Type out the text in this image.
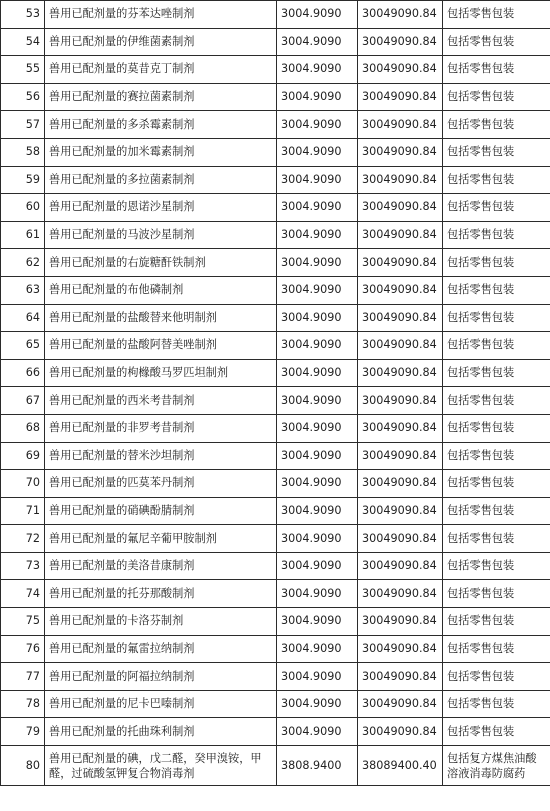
53	兽用已配剂量的芬苯达唑制剂	3004.9090	30049090.84	包括零售包装
54	兽用已配剂量的伊维菌素制剂	3004.9090	30049090.84	包括零售包装
55	兽用已配剂量的莫昔克丁制剂	3004.9090	30049090.84	包括零售包装
56	兽用已配剂量的赛拉菌素制剂	3004.9090	30049090.84	包括零售包装
57	兽用已配剂量的多杀霉素制剂	3004.9090	30049090.84	包括零售包装
58	兽用已配剂量的加米霉素制剂	3004.9090	30049090.84	包括零售包装
59	兽用已配剂量的多拉菌素制剂	3004.9090	30049090.84	包括零售包装
60	兽用已配剂量的恩诺沙星制剂	3004.9090	30049090.84	包括零售包装
61	兽用已配剂量的马波沙星制剂	3004.9090	30049090.84	包括零售包装
62	兽用已配剂量的右旋糖酐铁制剂	3004.9090	30049090.84	包括零售包装
63	兽用已配剂量的布他磷制剂	3004.9090	30049090.84	包括零售包装
64	兽用已配剂量的盐酸替来他明制剂	3004.9090	30049090.84	包括零售包装
65	兽用已配剂量的盐酸阿替美唑制剂	3004.9090	30049090.84	包括零售包装
66	兽用已配剂量的枸橼酸马罗匹坦制剂	3004.9090	30049090.84	包括零售包装
67	兽用已配剂量的西米考昔制剂	3004.9090	30049090.84	包括零售包装
68	兽用已配剂量的非罗考昔制剂	3004.9090	30049090.84	包括零售包装
69	兽用已配剂量的替米沙坦制剂	3004.9090	30049090.84	包括零售包装
70	兽用已配剂量的匹莫苯丹制剂	3004.9090	30049090.84	包括零售包装
71	兽用已配剂量的硝碘酚腈制剂	3004.9090	30049090.84	包括零售包装
72	兽用已配剂量的氟尼辛葡甲胺制剂	3004.9090	30049090.84	包括零售包装
73	兽用已配剂量的美洛昔康制剂	3004.9090	30049090.84	包括零售包装
74	兽用已配剂量的托芬那酸制剂	3004.9090	30049090.84	包括零售包装
75	兽用已配剂量的卡洛芬制剂	3004.9090	30049090.84	包括零售包装
76	兽用已配剂量的氟雷拉纳制剂	3004.9090	30049090.84	包括零售包装
77	兽用已配剂量的阿福拉纳制剂	3004.9090	30049090.84	包括零售包装
78	兽用已配剂量的尼卡巴嗪制剂	3004.9090	30049090.84	包括零售包装
79	兽用已配剂量的托曲珠利制剂	3004.9090	30049090.84	包括零售包装
80	兽用已配剂量的碘，戊二醛，癸甲溴铵，甲醛，过硫酸氢钾复合物消毒剂	3808.9400	38089400.40	包括复方煤焦油酸溶液消毒防腐药
